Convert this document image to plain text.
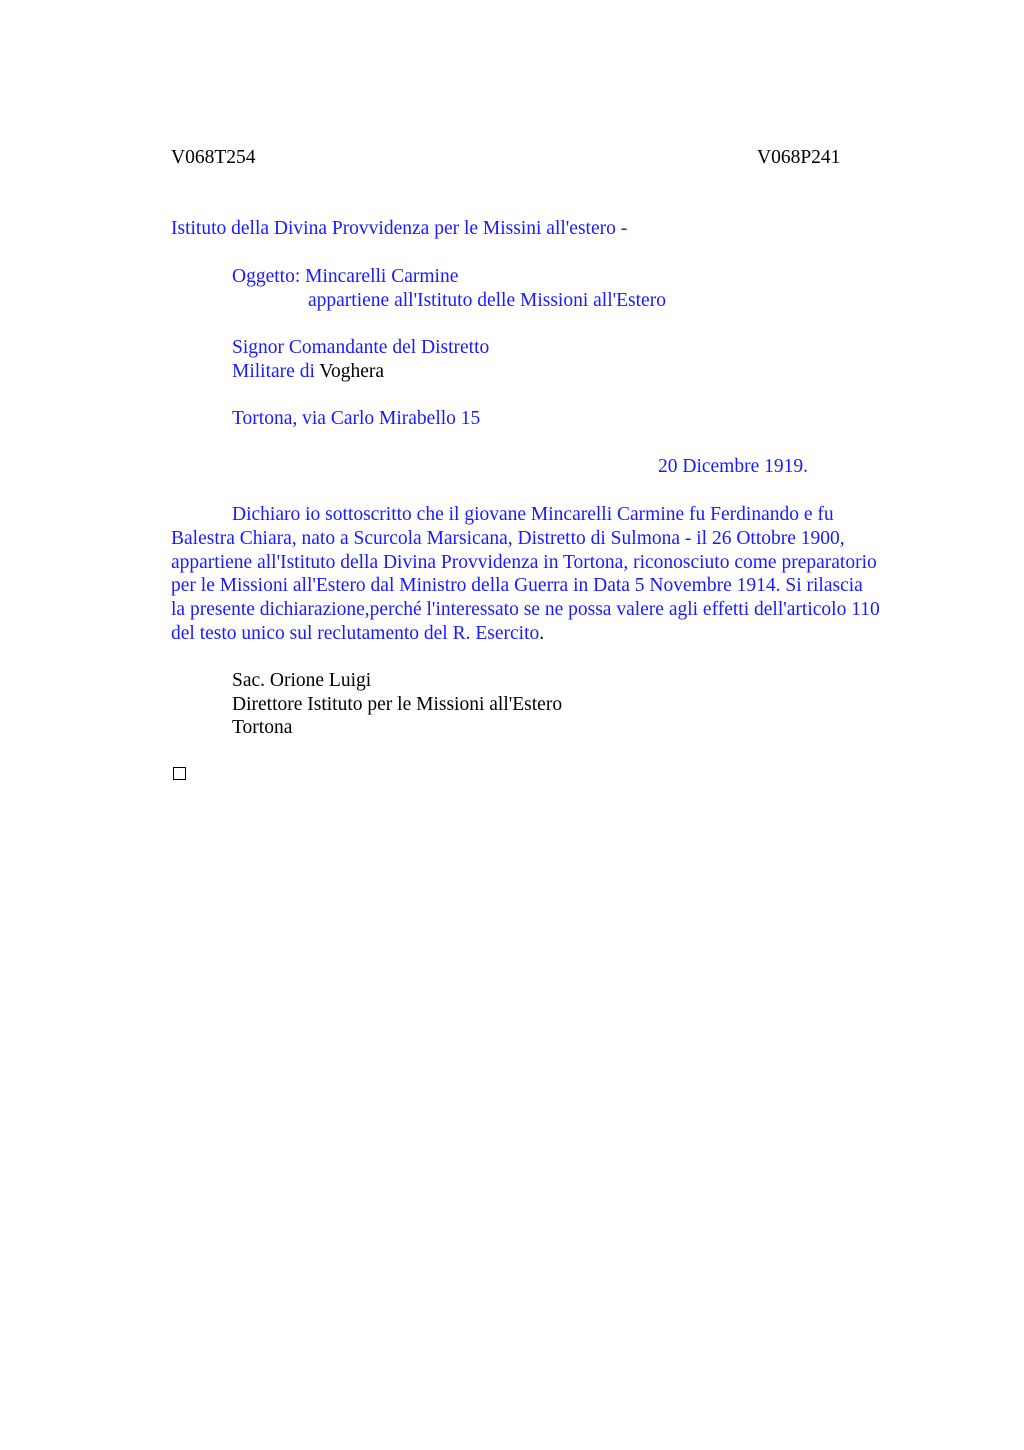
V068T254	V068P241
Istituto della Divina Provvidenza per le Missini all'estero -
Oggetto: Mincarelli Carmine
appartiene all'Istituto delle Missioni all'Estero
Signor Comandante del Distretto
Militare di Voghera
Tortona, via Carlo Mirabello 15
20 Dicembre 1919.
Dichiaro io sottoscritto che il giovane Mincarelli Carmine fu Ferdinando e fu
Balestra Chiara, nato a Scurcola Marsicana, Distretto di Sulmona - il 26 Ottobre 1900,
appartiene all'Istituto della Divina Provvidenza in Tortona, riconosciuto come preparatorio
per le Missioni all'Estero dal Ministro della Guerra in Data 5 Novembre 1914. Si rilascia
la presente dichiarazione,perché l'interessato se ne possa valere agli effetti dell'articolo 110
del testo unico sul reclutamento del R. Esercito.
Sac. Orione Luigi
Direttore Istituto per le Missioni all'Estero
Tortona
